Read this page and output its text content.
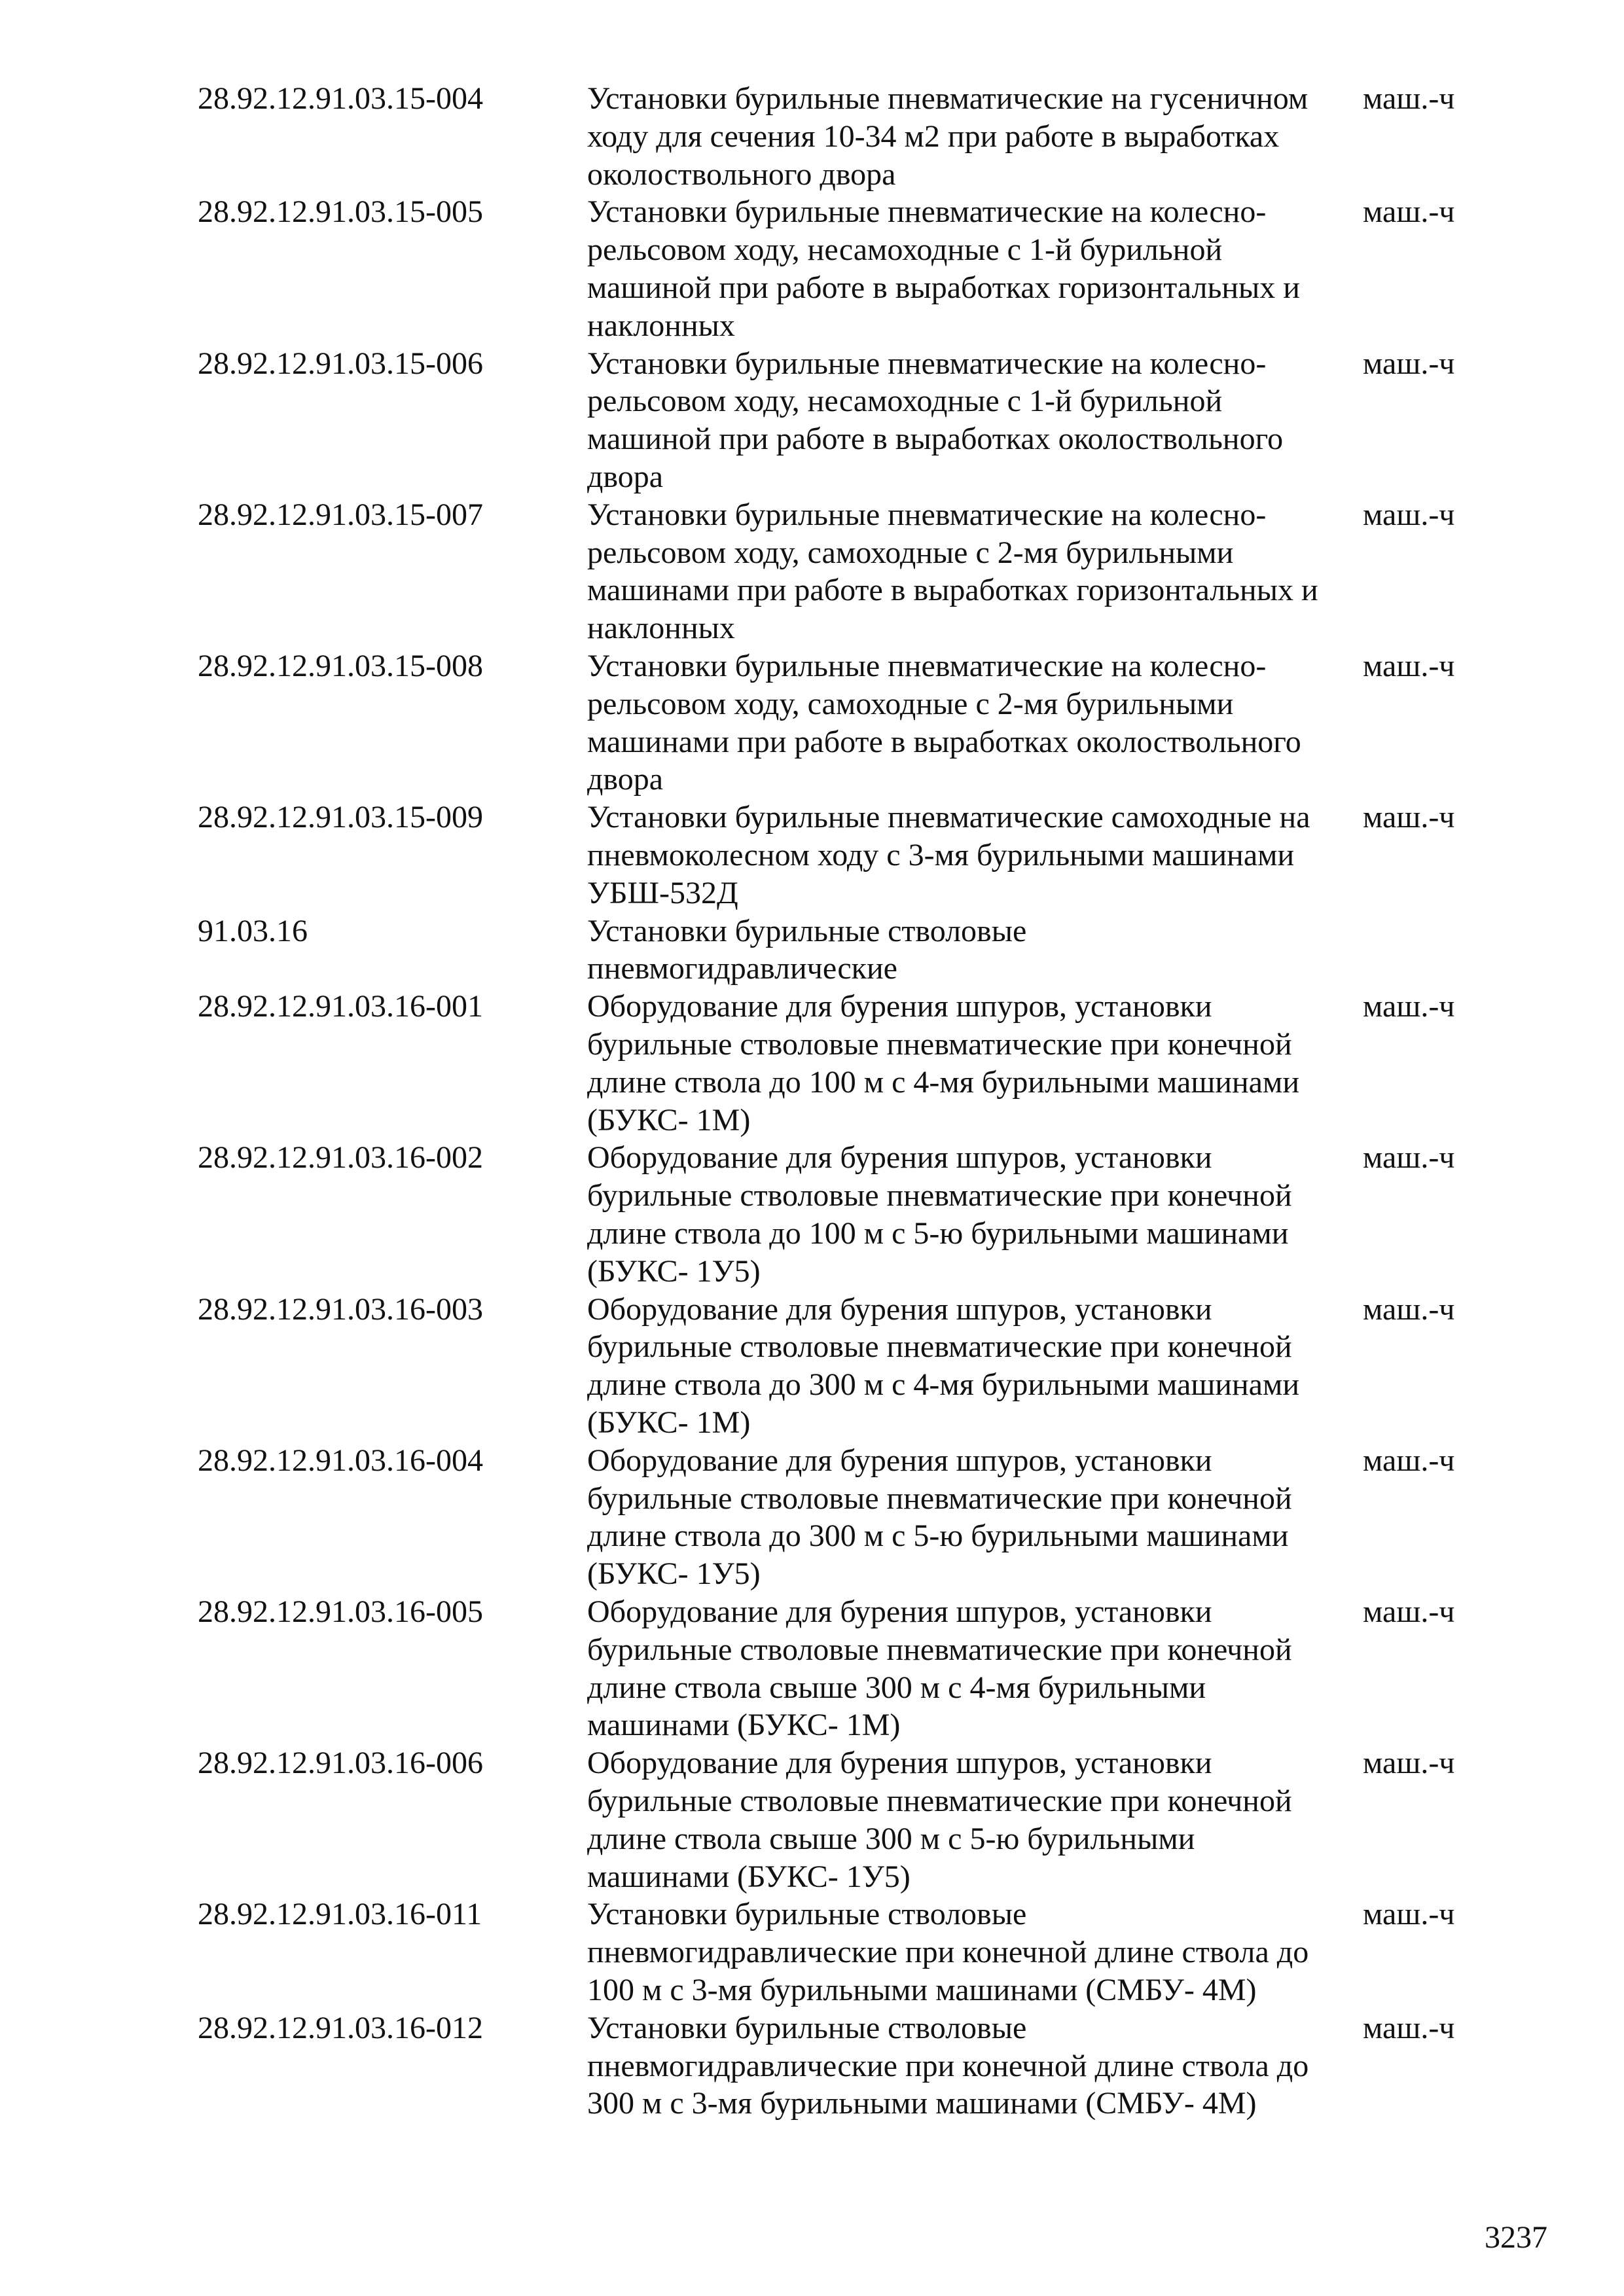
28.92.12.91.03.15-004	Установки бурильные пневматические на гусеничном
ходу для сечения 10-34 м2 при работе в выработках
околоствольного двора
маш.-ч
28.92.12.91.03.15-005	Установки бурильные пневматические на колесно-
рельсовом ходу, несамоходные с 1-й бурильной
машиной при работе в выработках горизонтальных и
наклонных
маш.-ч
28.92.12.91.03.15-006	Установки бурильные пневматические на колесно-
рельсовом ходу, несамоходные с 1-й бурильной
машиной при работе в выработках околоствольного
двора
маш.-ч
28.92.12.91.03.15-007	Установки бурильные пневматические на колесно-
рельсовом ходу, самоходные с 2-мя бурильными
машинами при работе в выработках горизонтальных и
наклонных
маш.-ч
28.92.12.91.03.15-008	Установки бурильные пневматические на колесно-
рельсовом ходу, самоходные с 2-мя бурильными
машинами при работе в выработках околоствольного
двора
маш.-ч
28.92.12.91.03.15-009	Установки бурильные пневматические самоходные на
пневмоколесном ходу с 3-мя бурильными машинами
УБШ-532Д
маш.-ч
91.03.16	Установки бурильные стволовые
пневмогидравлические
28.92.12.91.03.16-001	Оборудование для бурения шпуров, установки
бурильные стволовые пневматические при конечной
длине ствола до 100 м с 4-мя бурильными машинами
(БУКС- 1М)
маш.-ч
28.92.12.91.03.16-002	Оборудование для бурения шпуров, установки
бурильные стволовые пневматические при конечной
длине ствола до 100 м с 5-ю бурильными машинами
(БУКС- 1У5)
маш.-ч
28.92.12.91.03.16-003	Оборудование для бурения шпуров, установки
бурильные стволовые пневматические при конечной
длине ствола до 300 м с 4-мя бурильными машинами
(БУКС- 1М)
маш.-ч
28.92.12.91.03.16-004	Оборудование для бурения шпуров, установки
бурильные стволовые пневматические при конечной
длине ствола до 300 м с 5-ю бурильными машинами
(БУКС- 1У5)
маш.-ч
28.92.12.91.03.16-005	Оборудование для бурения шпуров, установки
бурильные стволовые пневматические при конечной
длине ствола свыше 300 м с 4-мя бурильными
машинами (БУКС- 1М)
маш.-ч
28.92.12.91.03.16-006	Оборудование для бурения шпуров, установки
бурильные стволовые пневматические при конечной
длине ствола свыше 300 м с 5-ю бурильными
машинами (БУКС- 1У5)
маш.-ч
28.92.12.91.03.16-011	Установки бурильные стволовые
пневмогидравлические при конечной длине ствола до
100 м с 3-мя бурильными машинами (СМБУ- 4М)
маш.-ч
28.92.12.91.03.16-012	Установки бурильные стволовые
пневмогидравлические при конечной длине ствола до
300 м с 3-мя бурильными машинами (СМБУ- 4М)
маш.-ч
3237
